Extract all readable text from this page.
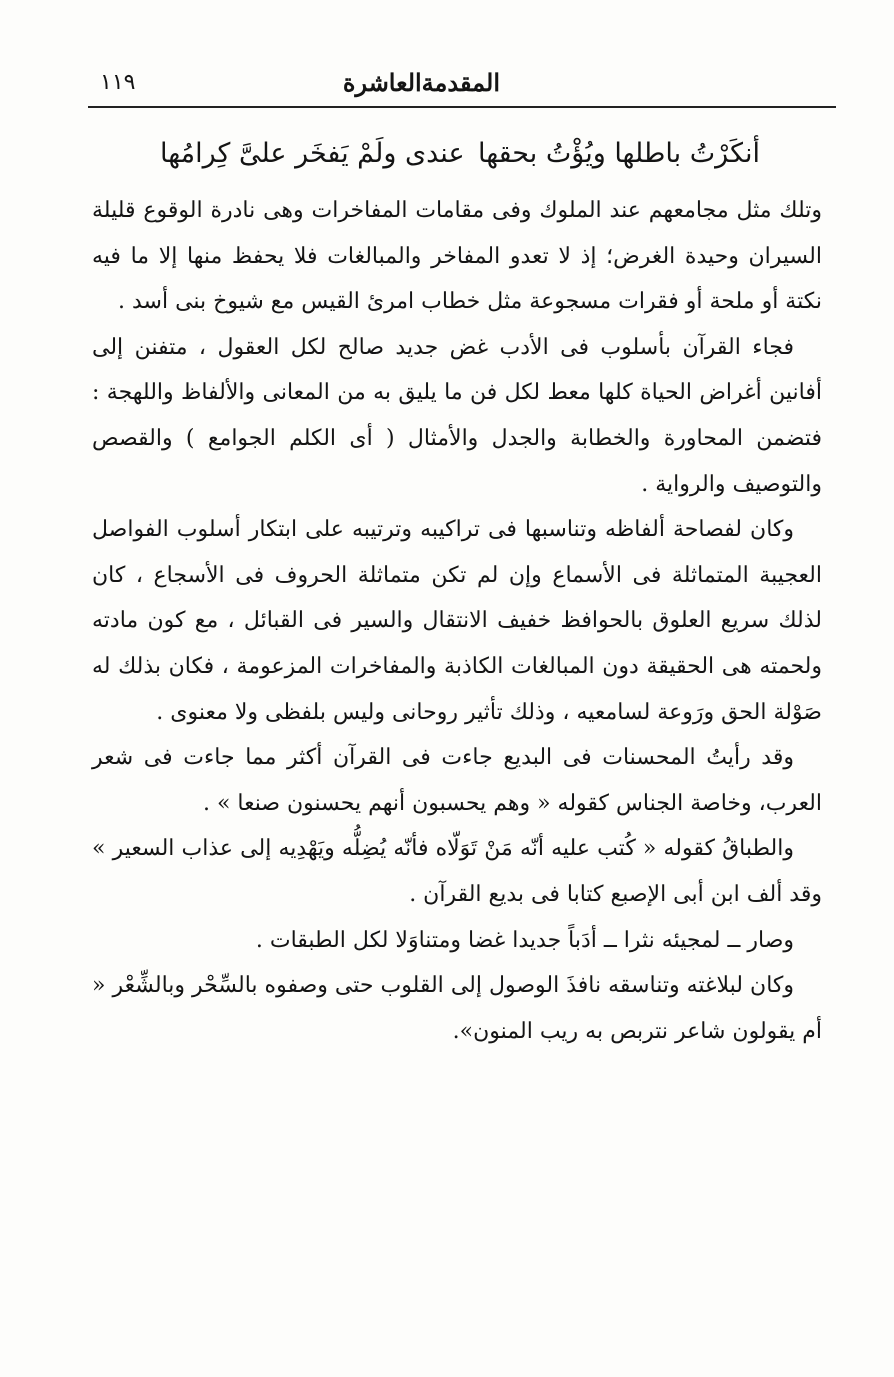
المقدمةالعاشرة
١١٩
أنكَرْتُ باطلها ويُؤْتُ بحقها
عندى ولَمْ يَفخَر علىَّ كِرامُها

وتلك مثل مجامعهم عند الملوك وفى مقامات المفاخرات وهى نادرة الوقوع قليلة السيران وحيدة الغرض؛ إذ لا تعدو المفاخر والمبالغات فلا يحفظ منها إلا ما فيه نكتة أو ملحة أو فقرات مسجوعة مثل خطاب امرئ القيس مع شيوخ بنى أسد .

فجاء القرآن بأسلوب فى الأدب غض جديد صالح لكل العقول ، متفنن إلى أفانين أغراض الحياة كلها معط لكل فن ما يليق به من المعانى والألفاظ واللهجة : فتضمن المحاورة والخطابة والجدل والأمثال ( أى الكلم الجوامع ) والقصص والتوصيف والرواية .

وكان لفصاحة ألفاظه وتناسبها فى تراكيبه وترتيبه على ابتكار أسلوب الفواصل العجيبة المتماثلة فى الأسماع وإن لم تكن متماثلة الحروف فى الأسجاع ، كان لذلك سريع العلوق بالحوافظ خفيف الانتقال والسير فى القبائل ، مع كون مادته ولحمته هى الحقيقة دون المبالغات الكاذبة والمفاخرات المزعومة ، فكان بذلك له صَوْلة الحق ورَوعة لسامعيه ، وذلك تأثير روحانى وليس بلفظى ولا معنوى .

وقد رأيتُ المحسنات فى البديع جاءت فى القرآن أكثر مما جاءت فى شعر العرب، وخاصة الجناس كقوله « وهم يحسبون أنهم يحسنون صنعا » .

والطباقُ كقوله « كُتب عليه أنّه مَنْ تَوَلّاه فأنّه يُضِلُّه ويَهْدِيه إلى عذاب السعير » وقد ألف ابن أبى الإصبع كتابا فى بديع القرآن .

وصار ــ لمجيئه نثرا ــ أدَباً جديدا غضا ومتناوَلا لكل الطبقات .

وكان لبلاغته وتناسقه نافذَ الوصول إلى القلوب حتى وصفوه بالسِّحْر وبالشِّعْر « أم يقولون شاعر نتربص به ريب المنون».
